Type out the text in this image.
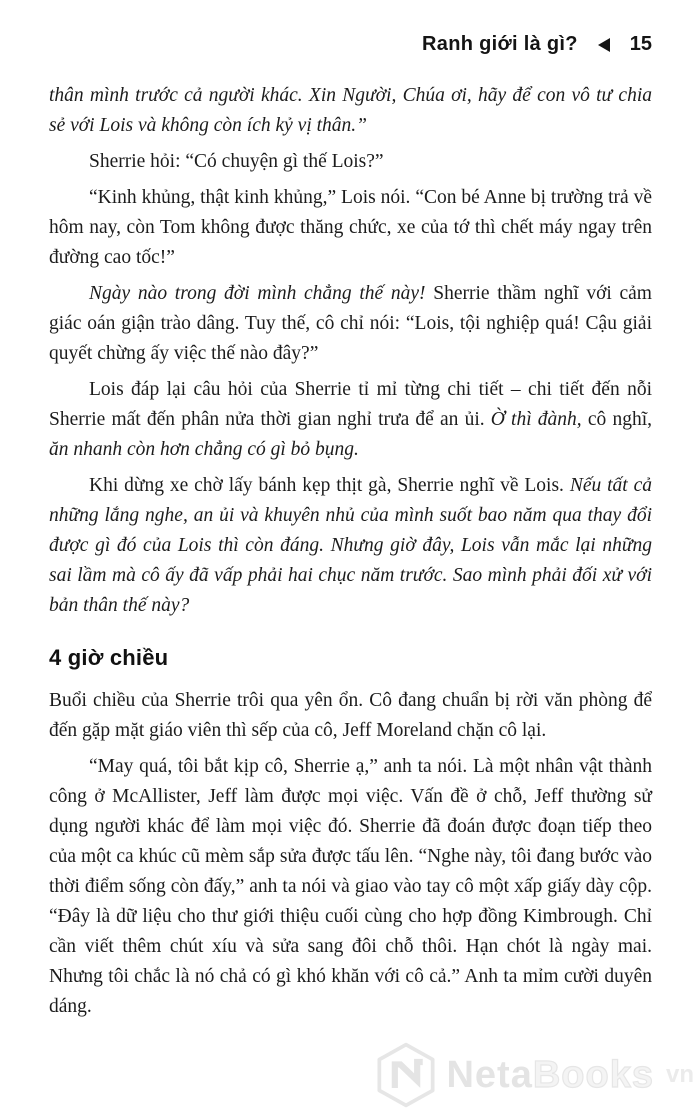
Ranh giới là gì?	15

thân mình trước cả người khác. Xin Người, Chúa ơi, hãy để con vô tư chia sẻ với Lois và không còn ích kỷ vị thân.”

Sherrie hỏi: “Có chuyện gì thế Lois?”

“Kinh khủng, thật kinh khủng,” Lois nói. “Con bé Anne bị trường trả về hôm nay, còn Tom không được thăng chức, xe của tớ thì chết máy ngay trên đường cao tốc!”

Ngày nào trong đời mình chẳng thế này! Sherrie thầm nghĩ với cảm giác oán giận trào dâng. Tuy thế, cô chỉ nói: “Lois, tội nghiệp quá! Cậu giải quyết chừng ấy việc thế nào đây?”

Lois đáp lại câu hỏi của Sherrie tỉ mỉ từng chi tiết – chi tiết đến nỗi Sherrie mất đến phân nửa thời gian nghỉ trưa để an ủi. Ờ thì đành, cô nghĩ, ăn nhanh còn hơn chẳng có gì bỏ bụng.

Khi dừng xe chờ lấy bánh kẹp thịt gà, Sherrie nghĩ về Lois. Nếu tất cả những lắng nghe, an ủi và khuyên nhủ của mình suốt bao năm qua thay đổi được gì đó của Lois thì còn đáng. Nhưng giờ đây, Lois vẫn mắc lại những sai lầm mà cô ấy đã vấp phải hai chục năm trước. Sao mình phải đối xử với bản thân thế này?

4 giờ chiều

Buổi chiều của Sherrie trôi qua yên ổn. Cô đang chuẩn bị rời văn phòng để đến gặp mặt giáo viên thì sếp của cô, Jeff Moreland chặn cô lại.

“May quá, tôi bắt kịp cô, Sherrie ạ,” anh ta nói. Là một nhân vật thành công ở McAllister, Jeff làm được mọi việc. Vấn đề ở chỗ, Jeff thường sử dụng người khác để làm mọi việc đó. Sherrie đã đoán được đoạn tiếp theo của một ca khúc cũ mèm sắp sửa được tấu lên. “Nghe này, tôi đang bước vào thời điểm sống còn đấy,” anh ta nói và giao vào tay cô một xấp giấy dày cộp. “Đây là dữ liệu cho thư giới thiệu cuối cùng cho hợp đồng Kimbrough. Chỉ cần viết thêm chút xíu và sửa sang đôi chỗ thôi. Hạn chót là ngày mai. Nhưng tôi chắc là nó chả có gì khó khăn với cô cả.” Anh ta mỉm cười duyên dáng.

NetaBooks vn
